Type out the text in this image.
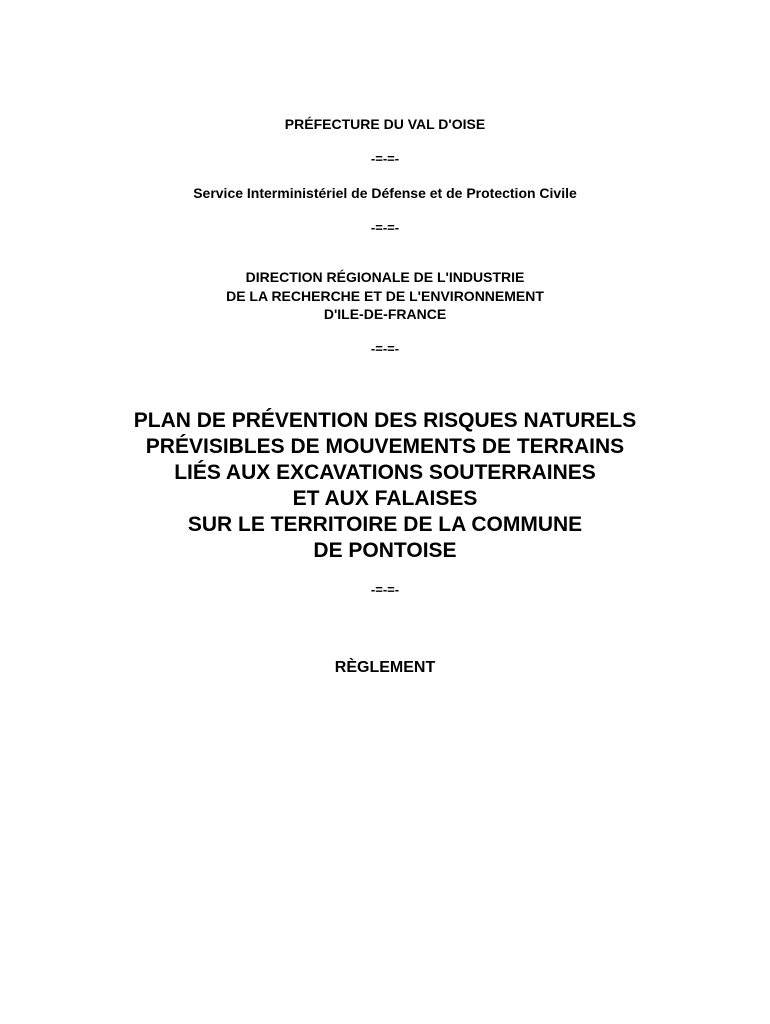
PRÉFECTURE DU VAL D'OISE
-=-=-
Service Interministériel de Défense et de Protection Civile
-=-=-
DIRECTION RÉGIONALE DE L'INDUSTRIE
DE LA RECHERCHE ET DE L'ENVIRONNEMENT
D'ILE-DE-FRANCE
-=-=-
PLAN DE PRÉVENTION DES RISQUES NATURELS
PRÉVISIBLES DE MOUVEMENTS DE TERRAINS
LIÉS AUX EXCAVATIONS SOUTERRAINES
ET AUX FALAISES
SUR LE TERRITOIRE DE LA COMMUNE
DE PONTOISE
-=-=-
RÈGLEMENT
